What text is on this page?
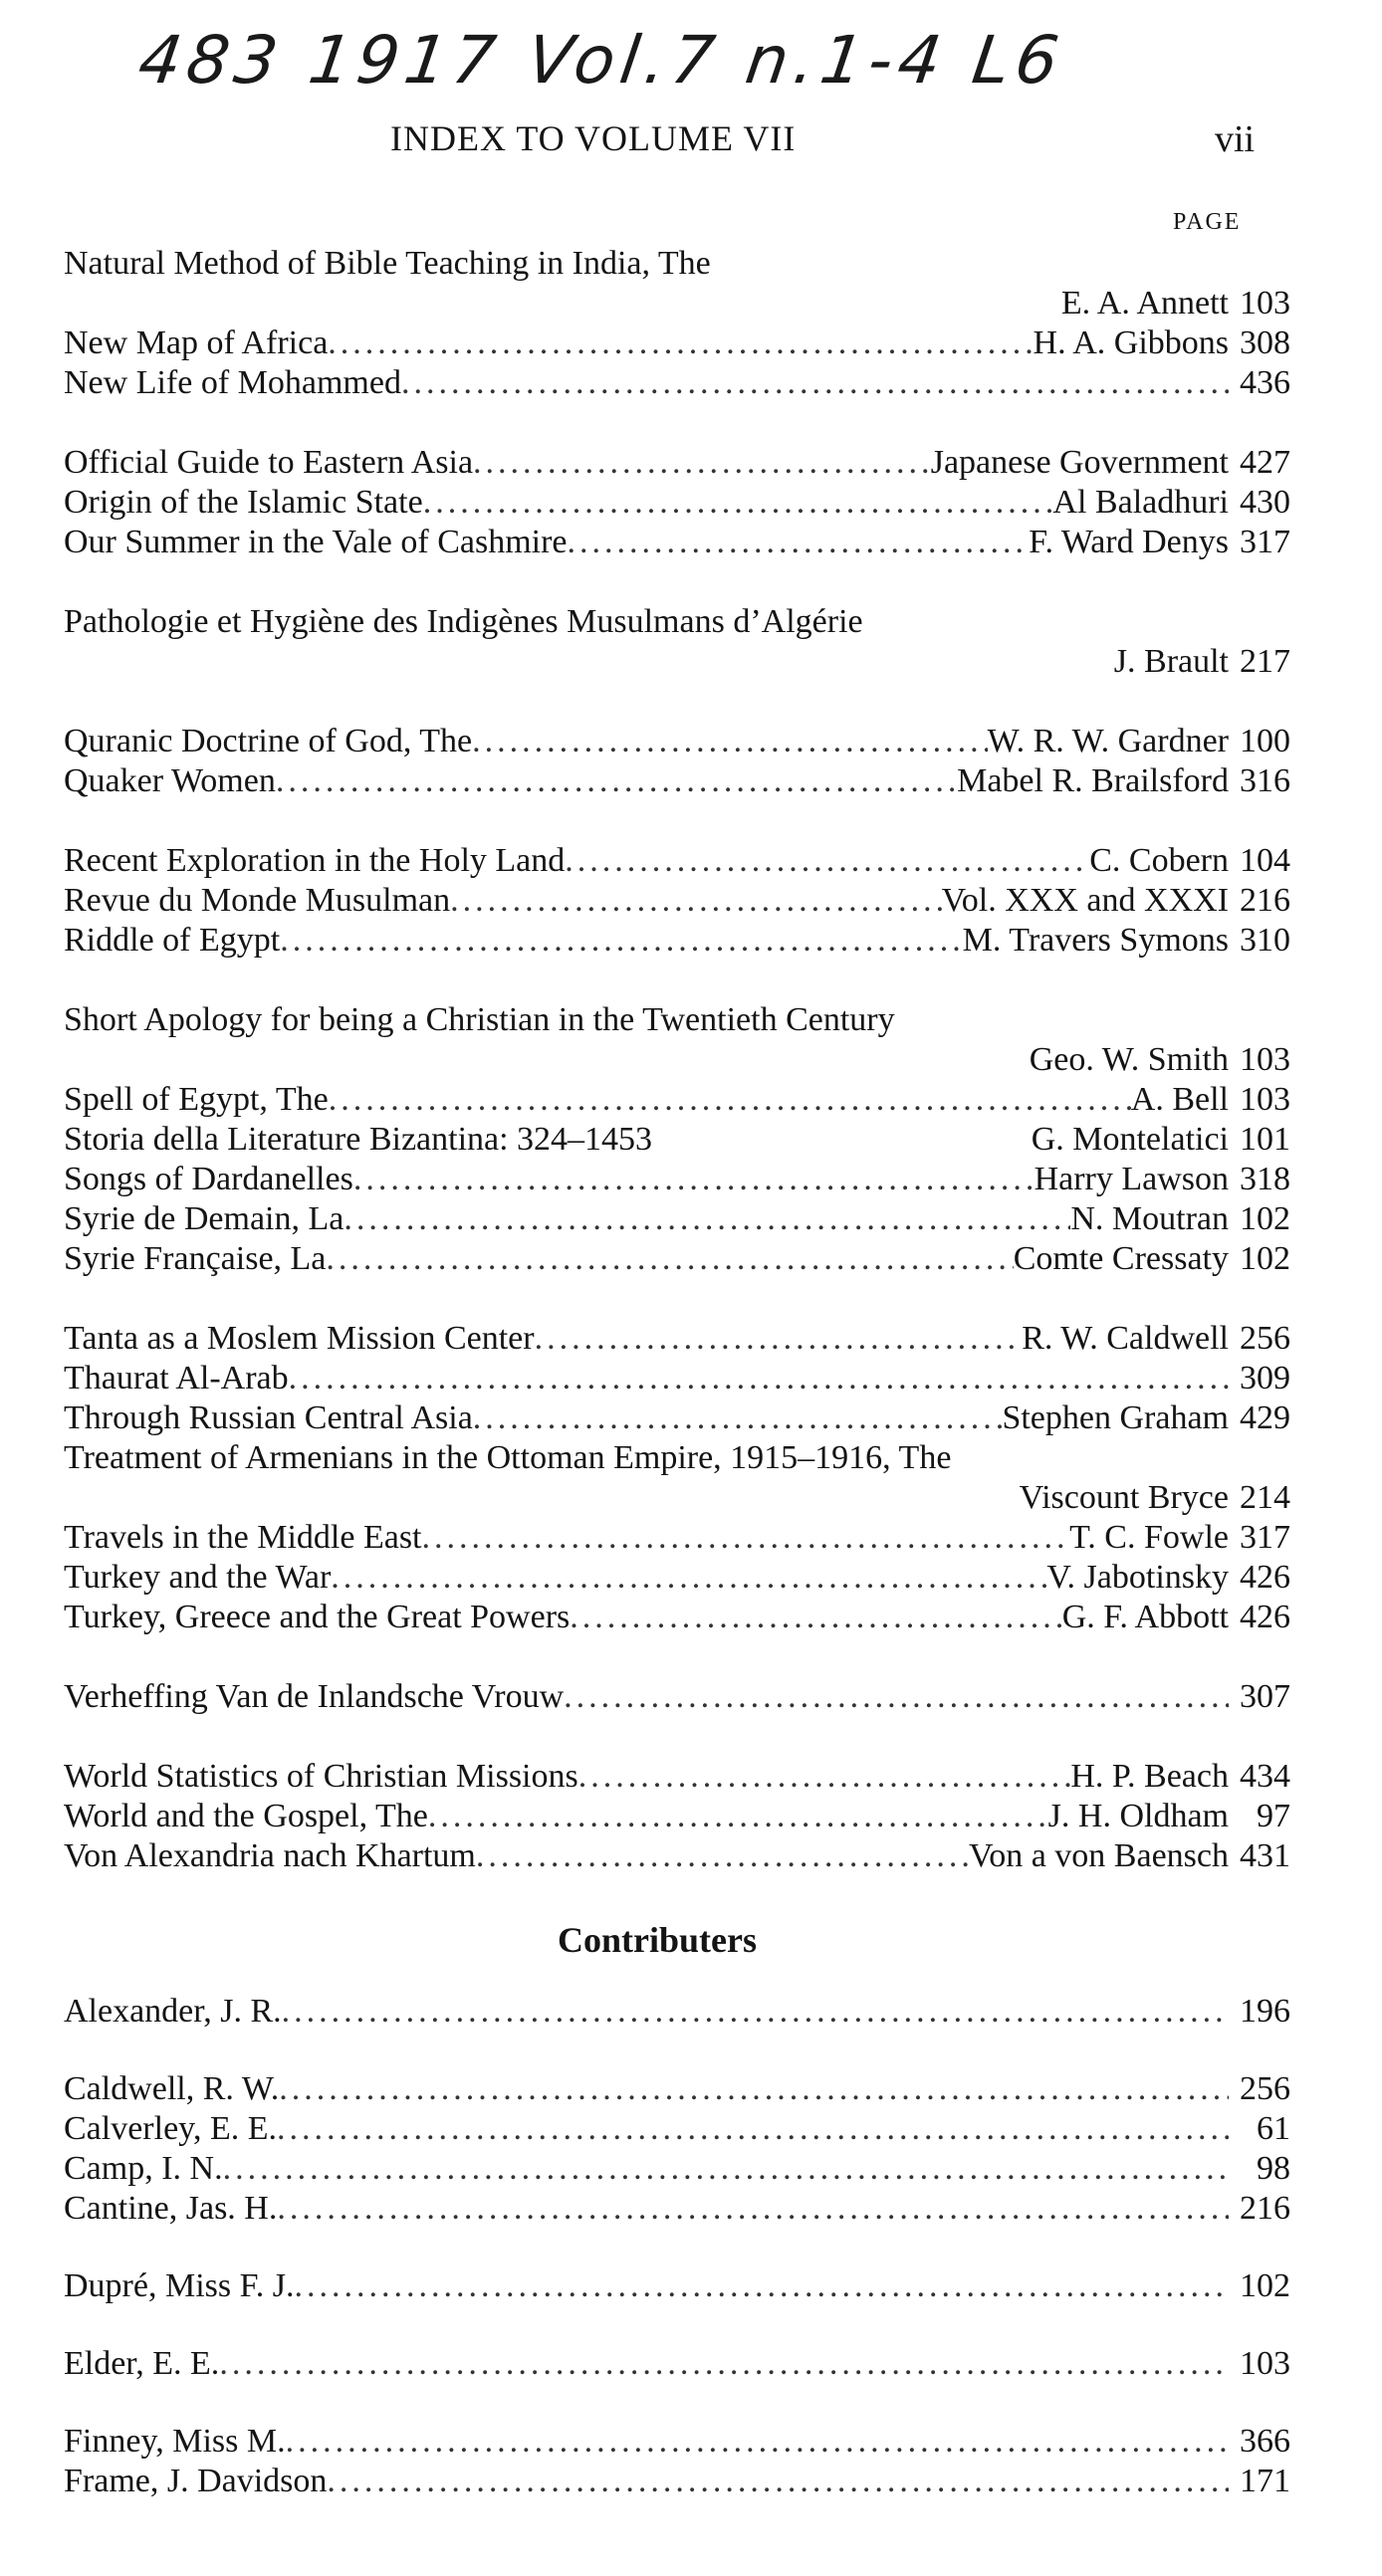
483 1917 Vol.7 n.1-4 L6
INDEX TO VOLUME VII	vii
PAGE
Natural Method of Bible Teaching in India, The
E. A. Annett 103
New Map of Africa .....	H. A. Gibbons 308
New Life of Mohammed .....	436
Official Guide to Eastern Asia .....	Japanese Government 427
Origin of the Islamic State .....	Al Baladhuri 430
Our Summer in the Vale of Cashmire .....	F. Ward Denys 317
Pathologie et Hygiène des Indigènes Musulmans d’Algérie
J. Brault 217
Quranic Doctrine of God, The .....	W. R. W. Gardner 100
Quaker Women .....	Mabel R. Brailsford 316
Recent Exploration in the Holy Land .....	C. Cobern 104
Revue du Monde Musulman .....	Vol. XXX and XXXI 216
Riddle of Egypt .....	M. Travers Symons 310
Short Apology for being a Christian in the Twentieth Century
Geo. W. Smith 103
Spell of Egypt, The .....	A. Bell 103
Storia della Literature Bizantina: 324–1453	G. Montelatici 101
Songs of Dardanelles .....	Harry Lawson 318
Syrie de Demain, La .....	N. Moutran 102
Syrie Française, La .....	Comte Cressaty 102
Tanta as a Moslem Mission Center .....	R. W. Caldwell 256
Thaurat Al-Arab .....	309
Through Russian Central Asia .....	Stephen Graham 429
Treatment of Armenians in the Ottoman Empire, 1915–1916, The
Viscount Bryce 214
Travels in the Middle East .....	T. C. Fowle 317
Turkey and the War .....	V. Jabotinsky 426
Turkey, Greece and the Great Powers .....	G. F. Abbott 426
Verheffing Van de Inlandsche Vrouw .....	307
World Statistics of Christian Missions .....	H. P. Beach 434
World and the Gospel, The .....	J. H. Oldham 97
Von Alexandria nach Khartum .....	Von a von Baensch 431
Contributers
Alexander, J. R. .....	196
Caldwell, R. W. .....	256
Calverley, E. E. .....	61
Camp, I. N. .....	98
Cantine, Jas. H. .....	216
Dupré, Miss F. J. .....	102
Elder, E. E. .....	103
Finney, Miss M. .....	366
Frame, J. Davidson .....	171
